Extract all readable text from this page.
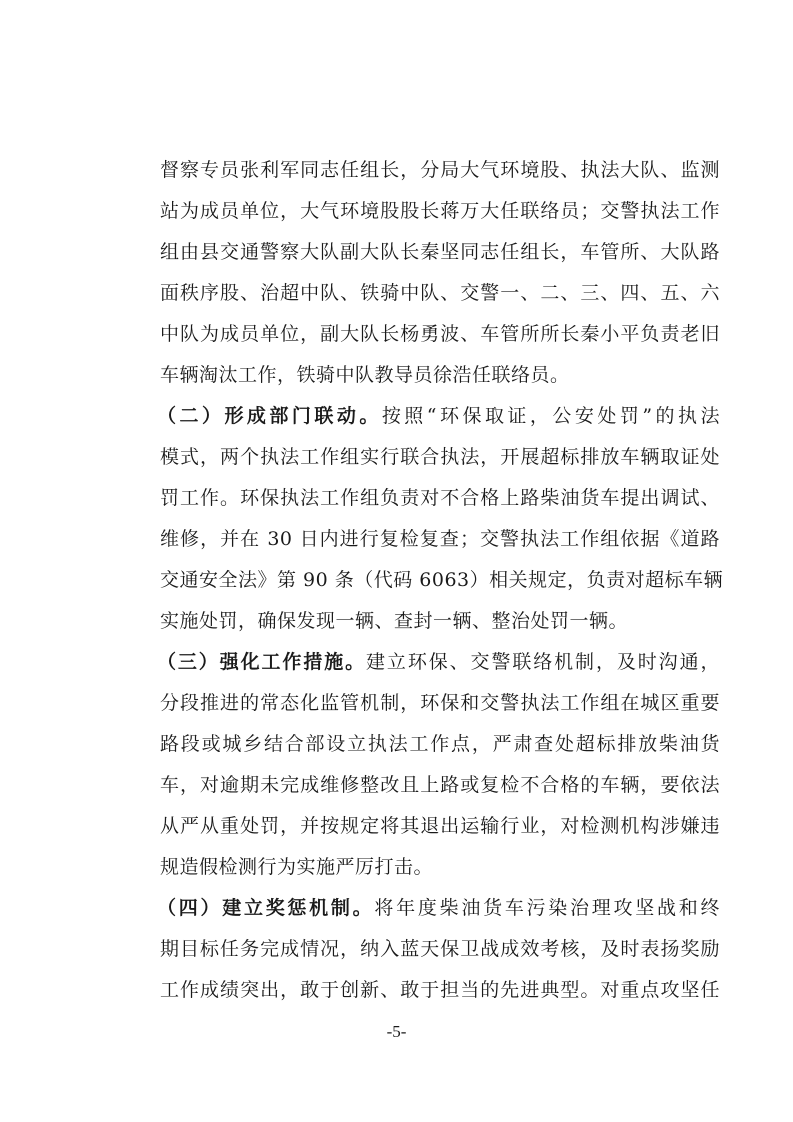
督察专员张利军同志任组长，分局大气环境股、执法大队、监测

站为成员单位，大气环境股股长蒋万大任联络员；交警执法工作

组由县交通警察大队副大队长秦坚同志任组长，车管所、大队路

面秩序股、治超中队、铁骑中队、交警一、二、三、四、五、六

中队为成员单位，副大队长杨勇波、车管所所长秦小平负责老旧

车辆淘汰工作，铁骑中队教导员徐浩任联络员。

（二）形成部门联动。按照“环保取证，公安处罚”的执法

模式，两个执法工作组实行联合执法，开展超标排放车辆取证处

罚工作。环保执法工作组负责对不合格上路柴油货车提出调试、

维修，并在 30 日内进行复检复查；交警执法工作组依据《道路

交通安全法》第 90 条（代码 6063）相关规定，负责对超标车辆

实施处罚，确保发现一辆、查封一辆、整治处罚一辆。

（三）强化工作措施。建立环保、交警联络机制，及时沟通，

分段推进的常态化监管机制，环保和交警执法工作组在城区重要

路段或城乡结合部设立执法工作点，严肃查处超标排放柴油货

车，对逾期未完成维修整改且上路或复检不合格的车辆，要依法

从严从重处罚，并按规定将其退出运输行业，对检测机构涉嫌违

规造假检测行为实施严厉打击。

（四）建立奖惩机制。将年度柴油货车污染治理攻坚战和终

期目标任务完成情况，纳入蓝天保卫战成效考核，及时表扬奖励

工作成绩突出，敢于创新、敢于担当的先进典型。对重点攻坚任

-5-
